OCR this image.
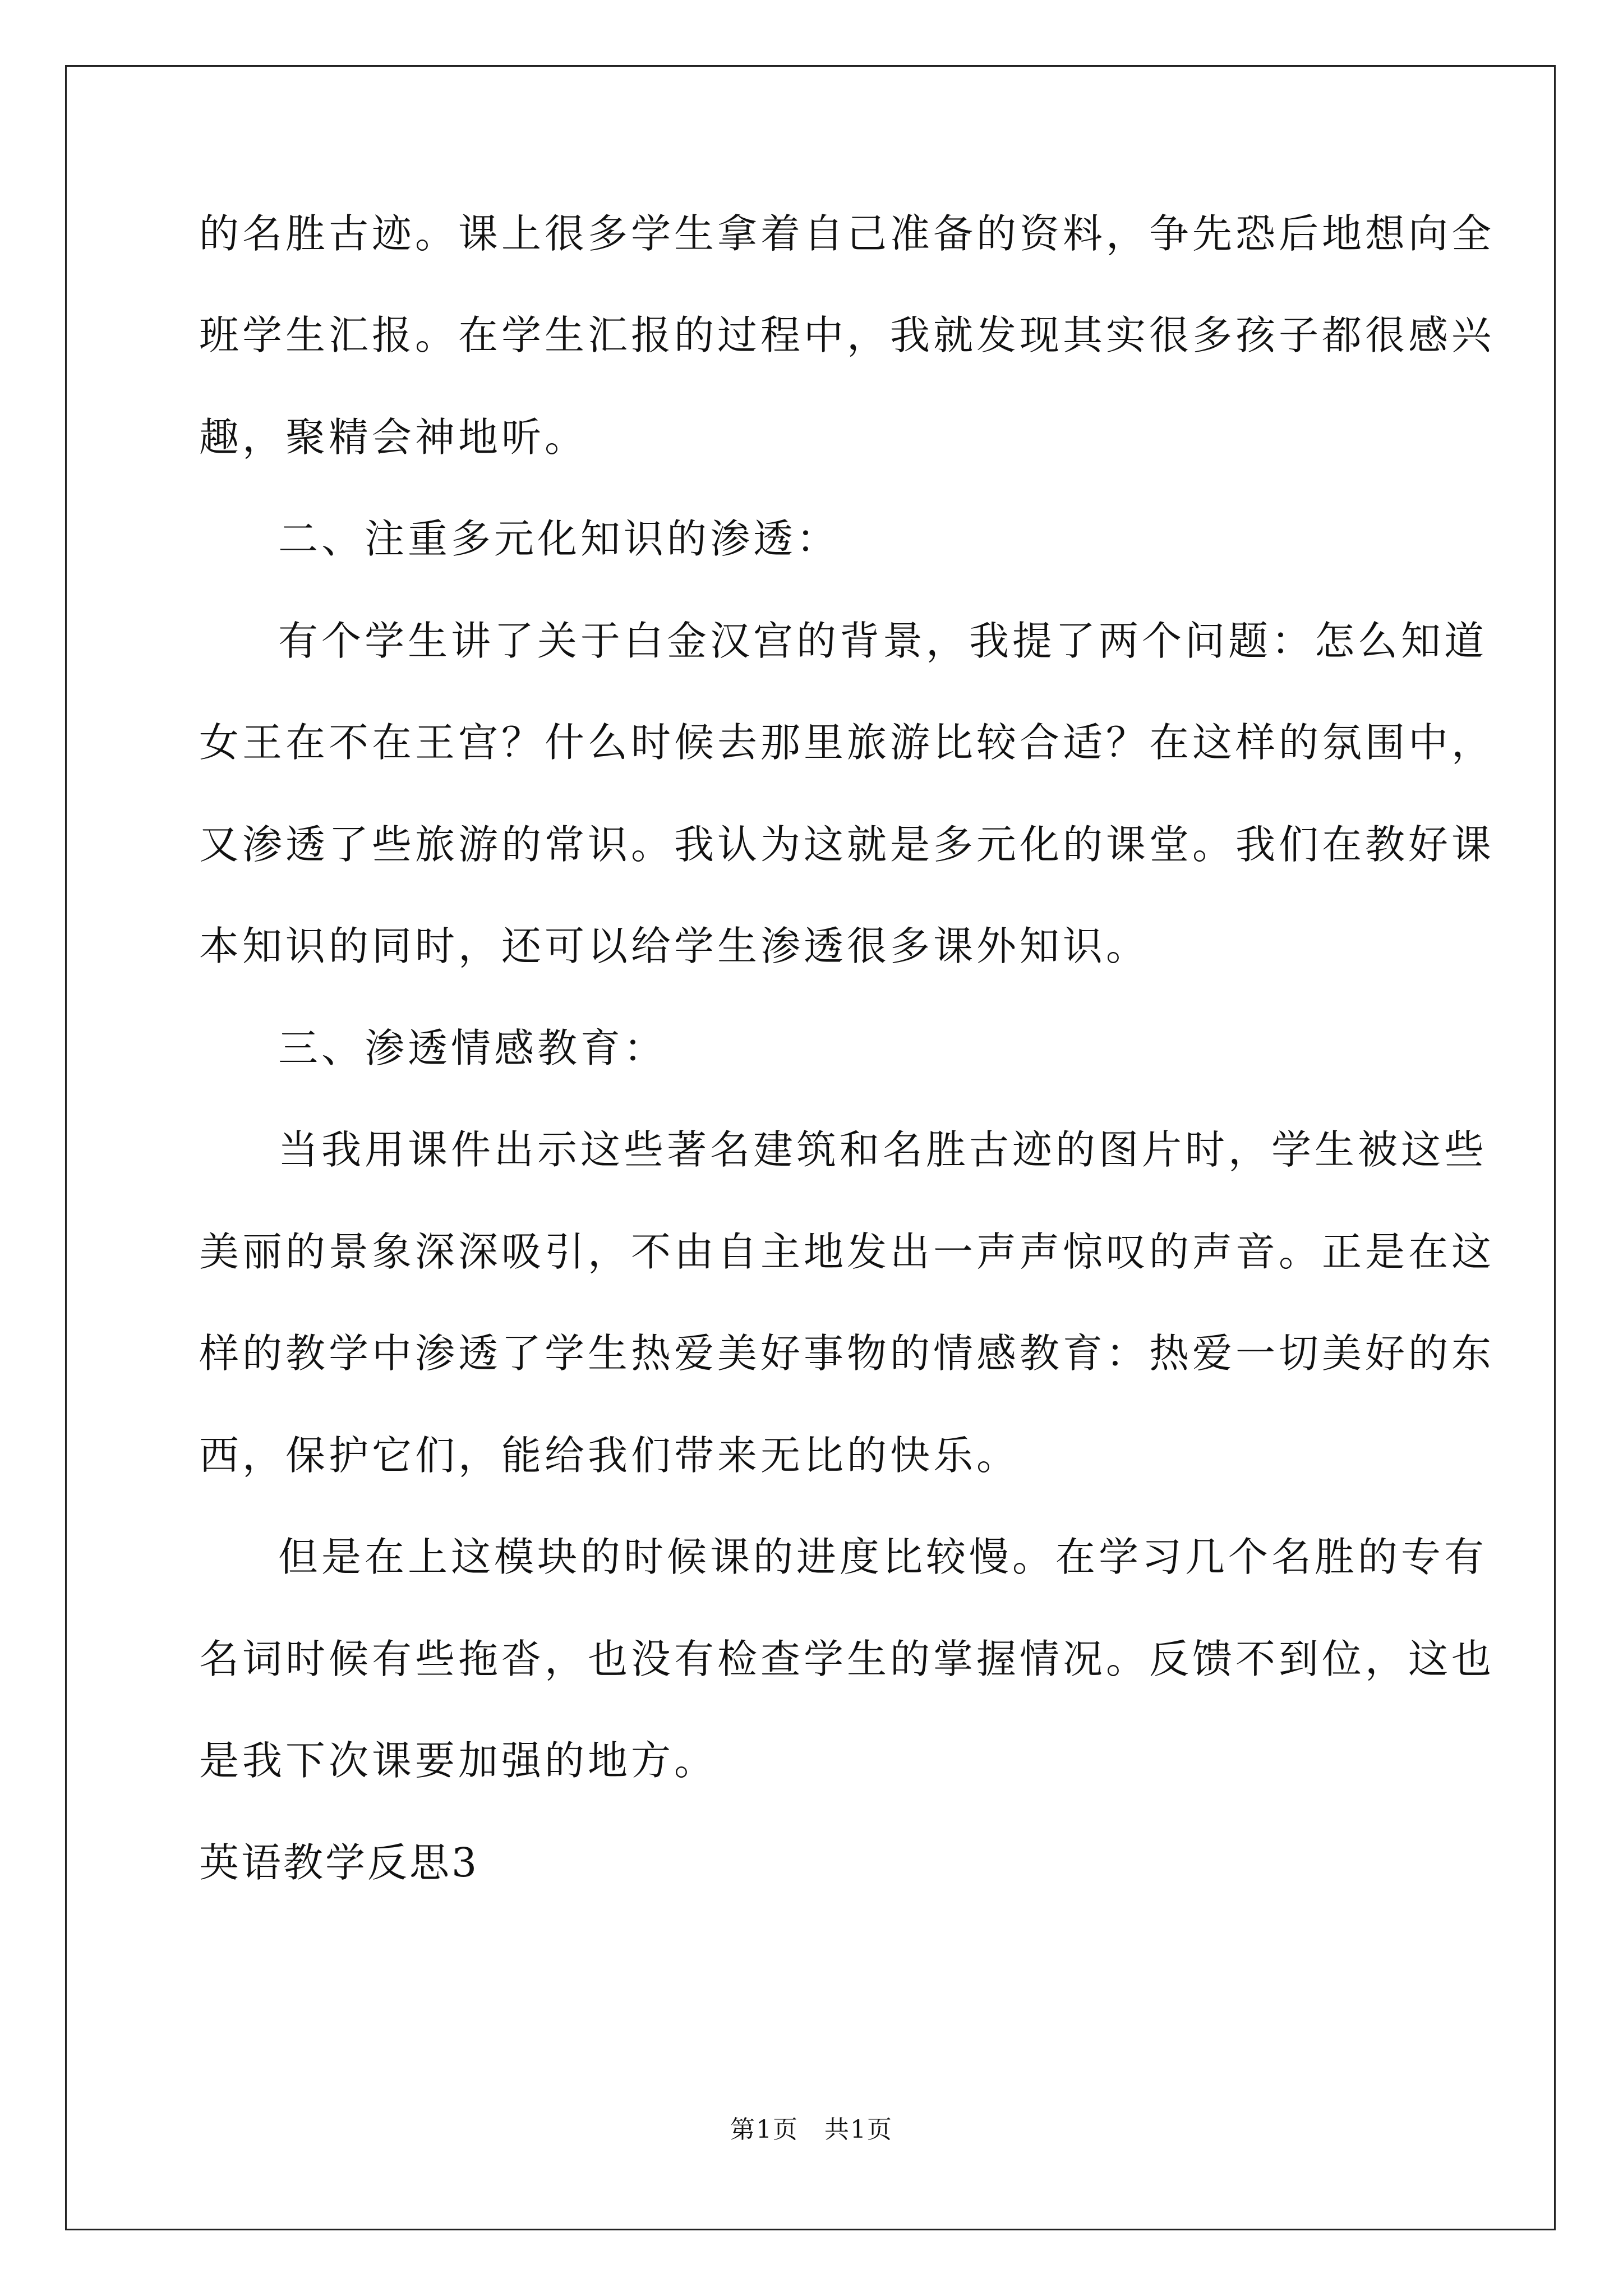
的名胜古迹。课上很多学生拿着自己准备的资料，争先恐后地想向全
班学生汇报。在学生汇报的过程中，我就发现其实很多孩子都很感兴
趣，聚精会神地听。
二、注重多元化知识的渗透：
有个学生讲了关于白金汉宫的背景，我提了两个问题：怎么知道
女王在不在王宫？什么时候去那里旅游比较合适？在这样的氛围中，
又渗透了些旅游的常识。我认为这就是多元化的课堂。我们在教好课
本知识的同时，还可以给学生渗透很多课外知识。
三、渗透情感教育：
当我用课件出示这些著名建筑和名胜古迹的图片时，学生被这些
美丽的景象深深吸引，不由自主地发出一声声惊叹的声音。正是在这
样的教学中渗透了学生热爱美好事物的情感教育：热爱一切美好的东
西，保护它们，能给我们带来无比的快乐。
但是在上这模块的时候课的进度比较慢。在学习几个名胜的专有
名词时候有些拖沓，也没有检查学生的掌握情况。反馈不到位，这也
是我下次课要加强的地方。
英语教学反思3
第1页　共1页
